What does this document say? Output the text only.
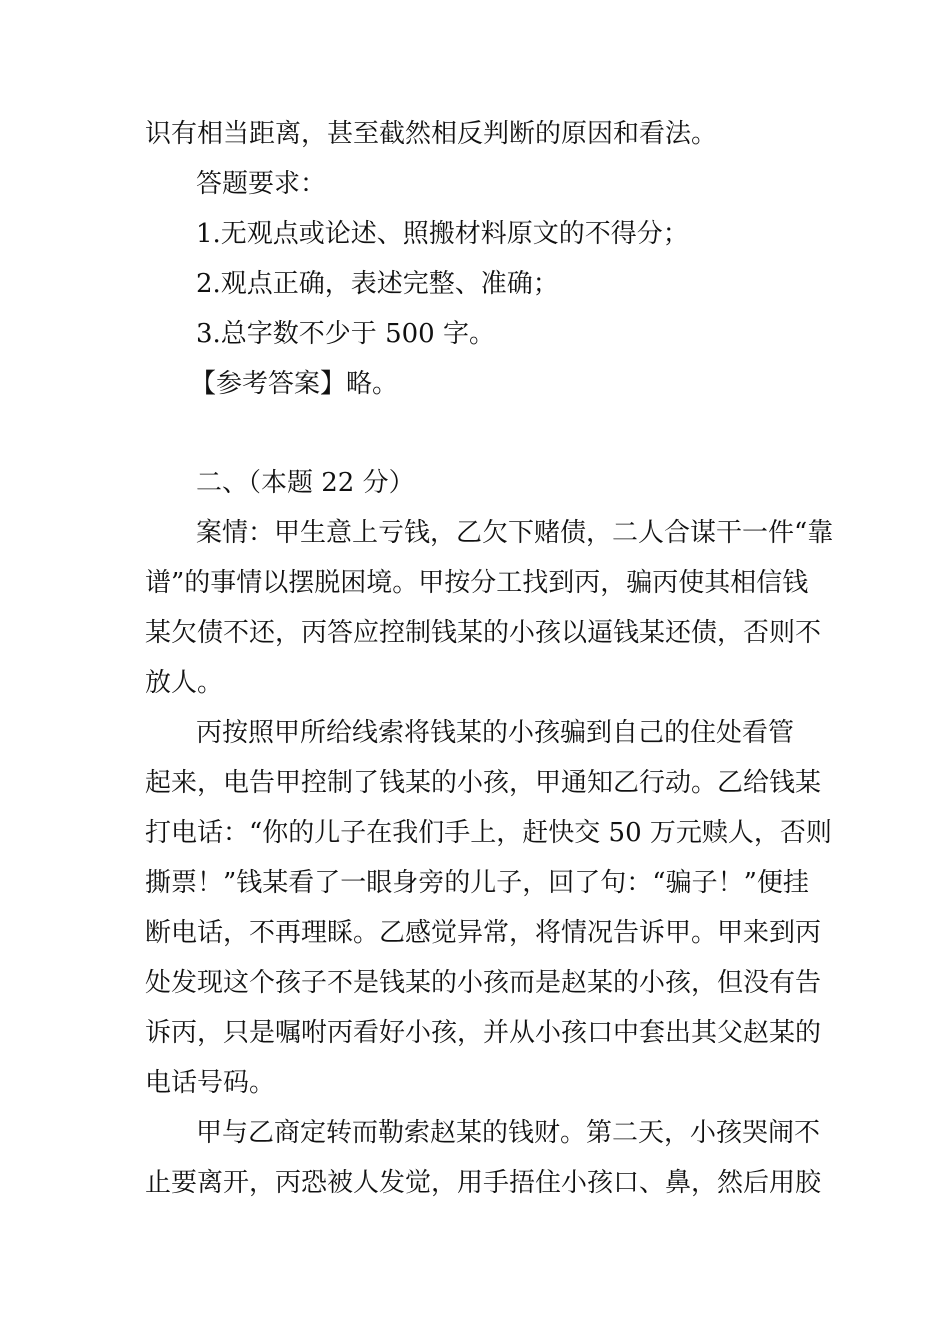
识有相当距离，甚至截然相反判断的原因和看法。
答题要求：
1.无观点或论述、照搬材料原文的不得分；
2.观点正确，表述完整、准确；
3.总字数不少于 500 字。
【参考答案】略。
二、（本题 22 分）
案情：甲生意上亏钱，乙欠下赌债，二人合谋干一件“靠
谱”的事情以摆脱困境。甲按分工找到丙，骗丙使其相信钱
某欠债不还，丙答应控制钱某的小孩以逼钱某还债，否则不
放人。
丙按照甲所给线索将钱某的小孩骗到自己的住处看管
起来，电告甲控制了钱某的小孩，甲通知乙行动。乙给钱某
打电话：“你的儿子在我们手上，赶快交 50 万元赎人，否则
撕票！”钱某看了一眼身旁的儿子，回了句：“骗子！”便挂
断电话，不再理睬。乙感觉异常，将情况告诉甲。甲来到丙
处发现这个孩子不是钱某的小孩而是赵某的小孩，但没有告
诉丙，只是嘱咐丙看好小孩，并从小孩口中套出其父赵某的
电话号码。
甲与乙商定转而勒索赵某的钱财。第二天，小孩哭闹不
止要离开，丙恐被人发觉，用手捂住小孩口、鼻，然后用胶
